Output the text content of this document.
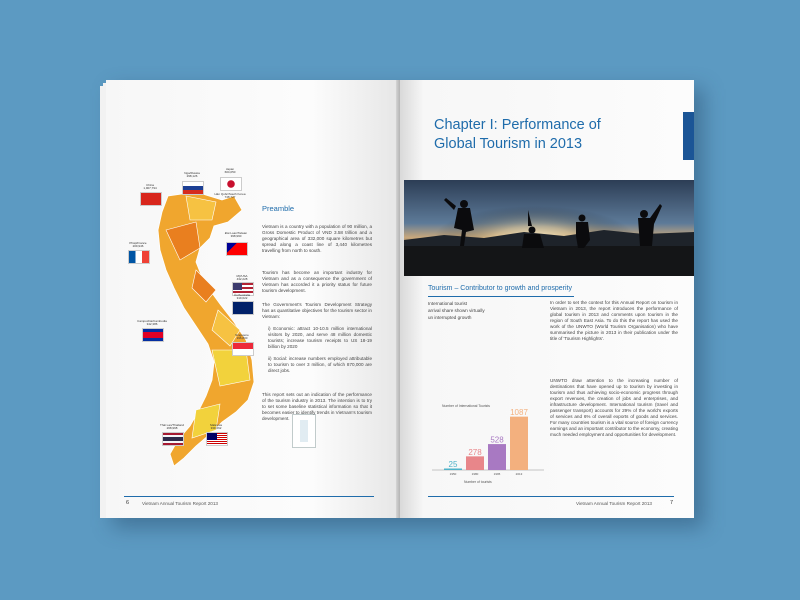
China
1,907,794
Nga/Russia
298,126
Japan
604,050
Hàn Quốc/South Korea
748,727
Pháp/France
209,946
Đài Loan/Taiwan
398,990
Mỹ/USA
432,228
Úc/Australia
319,622
Singapore
196,800
Campuchia/Cambodia
342,386
Thái Lan/Thailand
268,968
Malaysia
339,662
Preamble
Vietnam is a country with a population of 90 million, a Gross Domestic Product of VND 3.58 trillion and a geographical area of 332,000 square kilometres but spread along a coast line of 3,440 kilometres travelling from north to south.
Tourism has become an important industry for Vietnam and as a consequence the government of Vietnam has accorded it a priority status for future tourism development.
The Government's Tourism Development Strategy has as quantitative objectives for the tourism sector in Vietnam:
i) Economic: attract 10-10.5 million international visitors by 2020, and serve 48 million domestic tourists; increase tourism receipts to US 18-19 billion by 2020
ii) Social: increase numbers employed attributable to tourism to over 3 million, of which 870,000 are direct jobs.
This report sets out an indication of the performance of the tourism industry in 2013. The intention is to try to set some baseline statistical information so that it becomes easier to identify trends in Vietnam's tourism development.
6	Vietnam Annual Tourism Report 2013
Chapter I: Performance of
Global Tourism in 2013
Tourism – Contributor to growth and prosperity
International tourist
arrival share shown virtually
un interrupted growth
Number of International Tourists
25
1950
278
1980
528
1995
1087
2013
Number of tourists
In order to set the context for this Annual Report on tourism in Vietnam in 2013, the report introduces the performance of global tourism in 2013 and comments upon tourism in the region of South East Asia. To do this the report has used the work of the UNWTO (World Tourism Organisation) who have summarised the picture in 2013 in their publication under the title of 'Tourism Highlights'.
UNWTO draw attention to the increasing number of destinations that have opened up to tourism by investing in tourism and thus achieving socio-economic progress through export revenues, the creation of jobs and enterprises, and infrastructure development. International tourism (travel and passenger transport) accounts for 29% of the world's exports of services and 6% of overall exports of goods and services. For many countries tourism is a vital source of foreign currency earnings and an important contributor to the economy, creating much needed employment and opportunities for development.
Vietnam Annual Tourism Report 2013	7
